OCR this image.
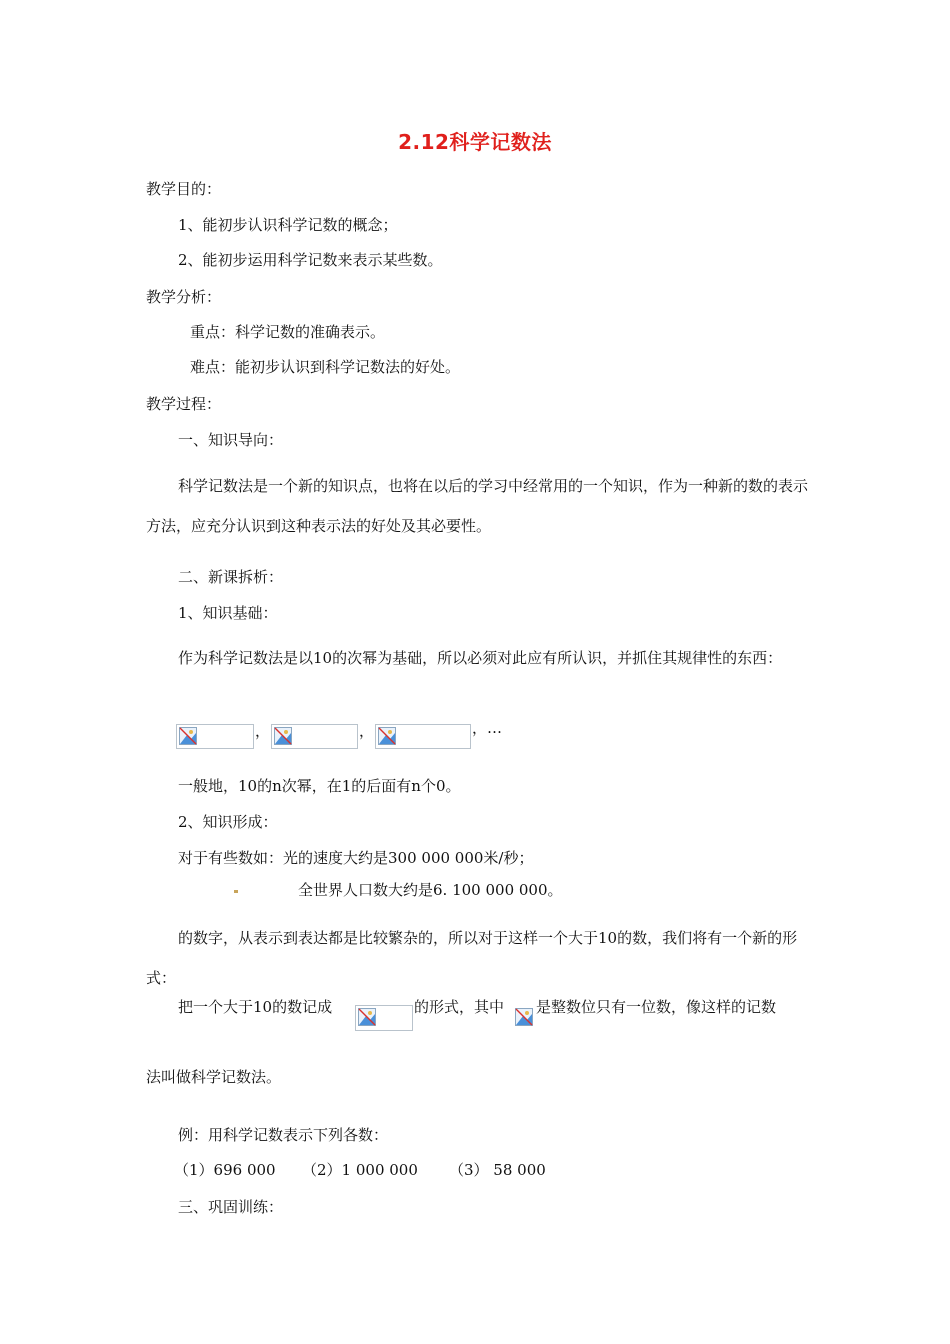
2.12科学记数法
教学目的：
1、能初步认识科学记数的概念；
2、能初步运用科学记数来表示某些数。
教学分析：
重点：科学记数的准确表示。
难点：能初步认识到科学记数法的好处。
教学过程：
一、知识导向：
科学记数法是一个新的知识点，也将在以后的学习中经常用的一个知识，作为一种新的数的表示方法，应充分认识到这种表示法的好处及其必要性。
二、新课拆析：
1、知识基础：
作为科学记数法是以10的次幂为基础，所以必须对此应有所认识，并抓住其规律性的东西：
，	，	，…
一般地，10的n次幂，在1的后面有n个0。
2、知识形成：
对于有些数如：光的速度大约是300 000 000米/秒；
全世界人口数大约是6. 100 000 000。
的数字，从表示到表达都是比较繁杂的，所以对于这样一个大于10的数，我们将有一个新的形式：
把一个大于10的数记成	的形式，其中 是整数位只有一位数，像这样的记数
法叫做科学记数法。
例：用科学记数表示下列各数：
（1）696 000 （2）1 000 000 （3） 58 000
三、巩固训练：
